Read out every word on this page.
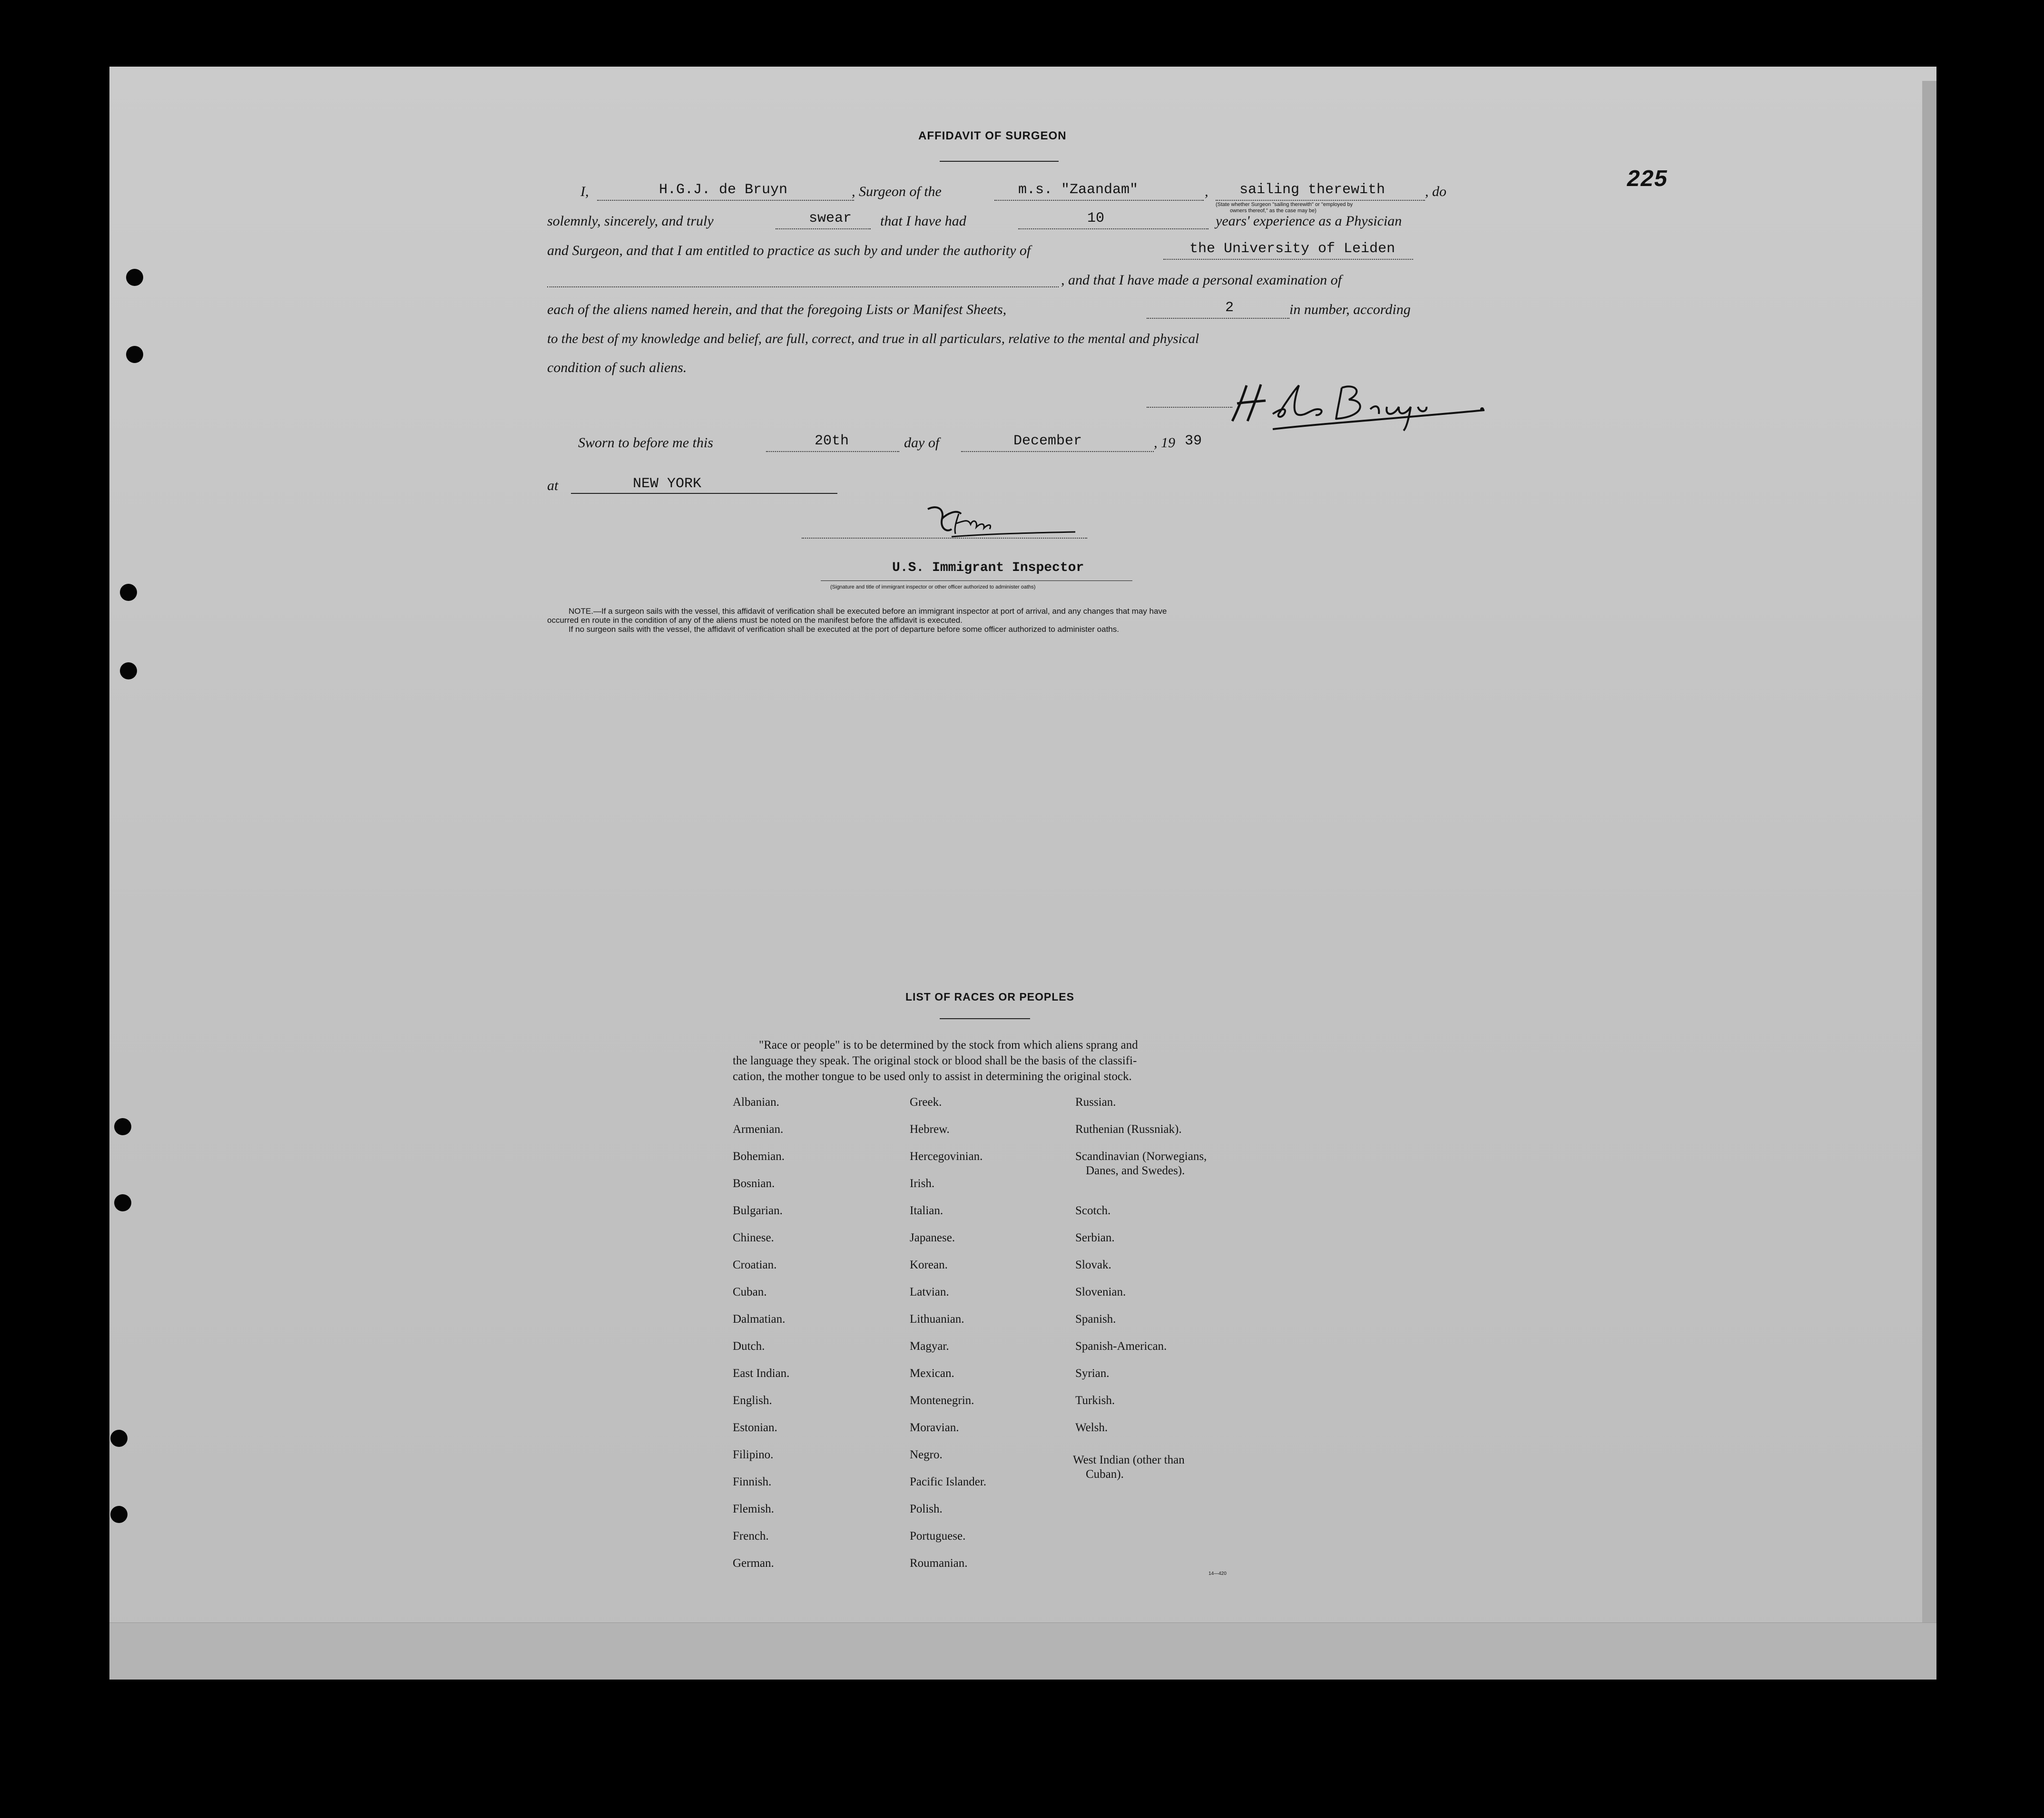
225
AFFIDAVIT OF SURGEON
I,	H.G.J. de Bruyn	, Surgeon of the	m.s. "Zaandam"	, sailing therewith	, do
(State whether Surgeon "sailing therewith" or "employed by
owners thereof," as the case may be)
solemnly, sincerely, and truly	swear that I have had	10	years' experience as a Physician
and Surgeon, and that I am entitled to practice as such by and under the authority of	the University of Leiden
, and that I have made a personal examination of
each of the aliens named herein, and that the foregoing Lists or Manifest Sheets,	2	in number, according
to the best of my knowledge and belief, are full, correct, and true in all particulars, relative to the mental and physical
condition of such aliens.
Sworn to before me this	20th	day of	December	, 19 39
at	NEW YORK
U.S. Immigrant Inspector
(Signature and title of immigrant inspector or other officer authorized to administer oaths)
NOTE.—If a surgeon sails with the vessel, this affidavit of verification shall be executed before an immigrant inspector at port of arrival, and any changes that may have
occurred en route in the condition of any of the aliens must be noted on the manifest before the affidavit is executed.
If no surgeon sails with the vessel, the affidavit of verification shall be executed at the port of departure before some officer authorized to administer oaths.
LIST OF RACES OR PEOPLES
"Race or people" is to be determined by the stock from which aliens sprang and
the language they speak. The original stock or blood shall be the basis of the classifi-
cation, the mother tongue to be used only to assist in determining the original stock.
Albanian.
Armenian.
Bohemian.
Bosnian.
Bulgarian.
Chinese.
Croatian.
Cuban.
Dalmatian.
Dutch.
East Indian.
English.
Estonian.
Filipino.
Finnish.
Flemish.
French.
German.
Greek.
Hebrew.
Hercegovinian.
Irish.
Italian.
Japanese.
Korean.
Latvian.
Lithuanian.
Magyar.
Mexican.
Montenegrin.
Moravian.
Negro.
Pacific Islander.
Polish.
Portuguese.
Roumanian.
Russian.
Ruthenian (Russniak).
Scandinavian (Norwegians,
Danes, and Swedes).
Scotch.
Serbian.
Slovak.
Slovenian.
Spanish.
Spanish-American.
Syrian.
Turkish.
Welsh.
West Indian (other than
Cuban).
14—420
